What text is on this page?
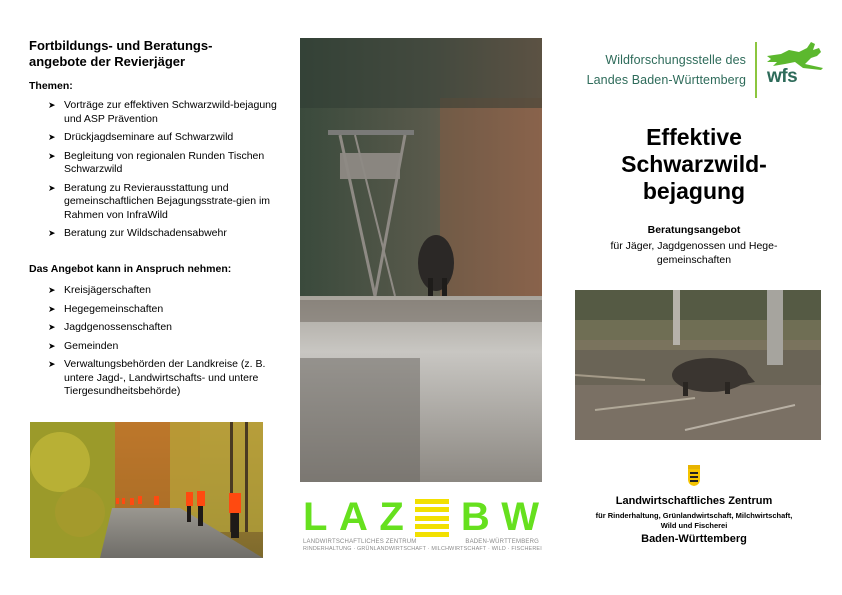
Fortbildungs- und Beratungs-
angebote der Revierjäger
Themen:
➤ Vorträge zur effektiven Schwarzwild-bejagung und ASP Prävention
➤ Drückjagdseminare auf Schwarzwild
➤ Begleitung von regionalen Runden Tischen Schwarzwild
➤ Beratung zu Revierausstattung und gemeinschaftlichen Bejagungsstrate-gien im Rahmen von InfraWild
➤ Beratung zur Wildschadensabwehr
Das Angebot kann in Anspruch nehmen:
➤ Kreisjägerschaften
➤ Hegegemeinschaften
➤ Jagdgenossenschaften
➤ Gemeinden
➤ Verwaltungsbehörden der Landkreise (z. B. untere Jagd-, Landwirtschafts- und untere Tiergesundheitsbehörde)
L A Z B W
LANDWIRTSCHAFTLICHES ZENTRUM	BADEN-WÜRTTEMBERG
RINDERHALTUNG · GRÜNLANDWIRTSCHAFT · MILCHWIRTSCHAFT · WILD · FISCHEREI
Wildforschungsstelle des
Landes Baden-Württemberg wfs
Effektive
Schwarzwild-
bejagung
Beratungsangebot
für Jäger, Jagdgenossen und Hege-gemeinschaften
Landwirtschaftliches Zentrum
für Rinderhaltung, Grünlandwirtschaft, Milchwirtschaft,
Wild und Fischerei
Baden-Württemberg
